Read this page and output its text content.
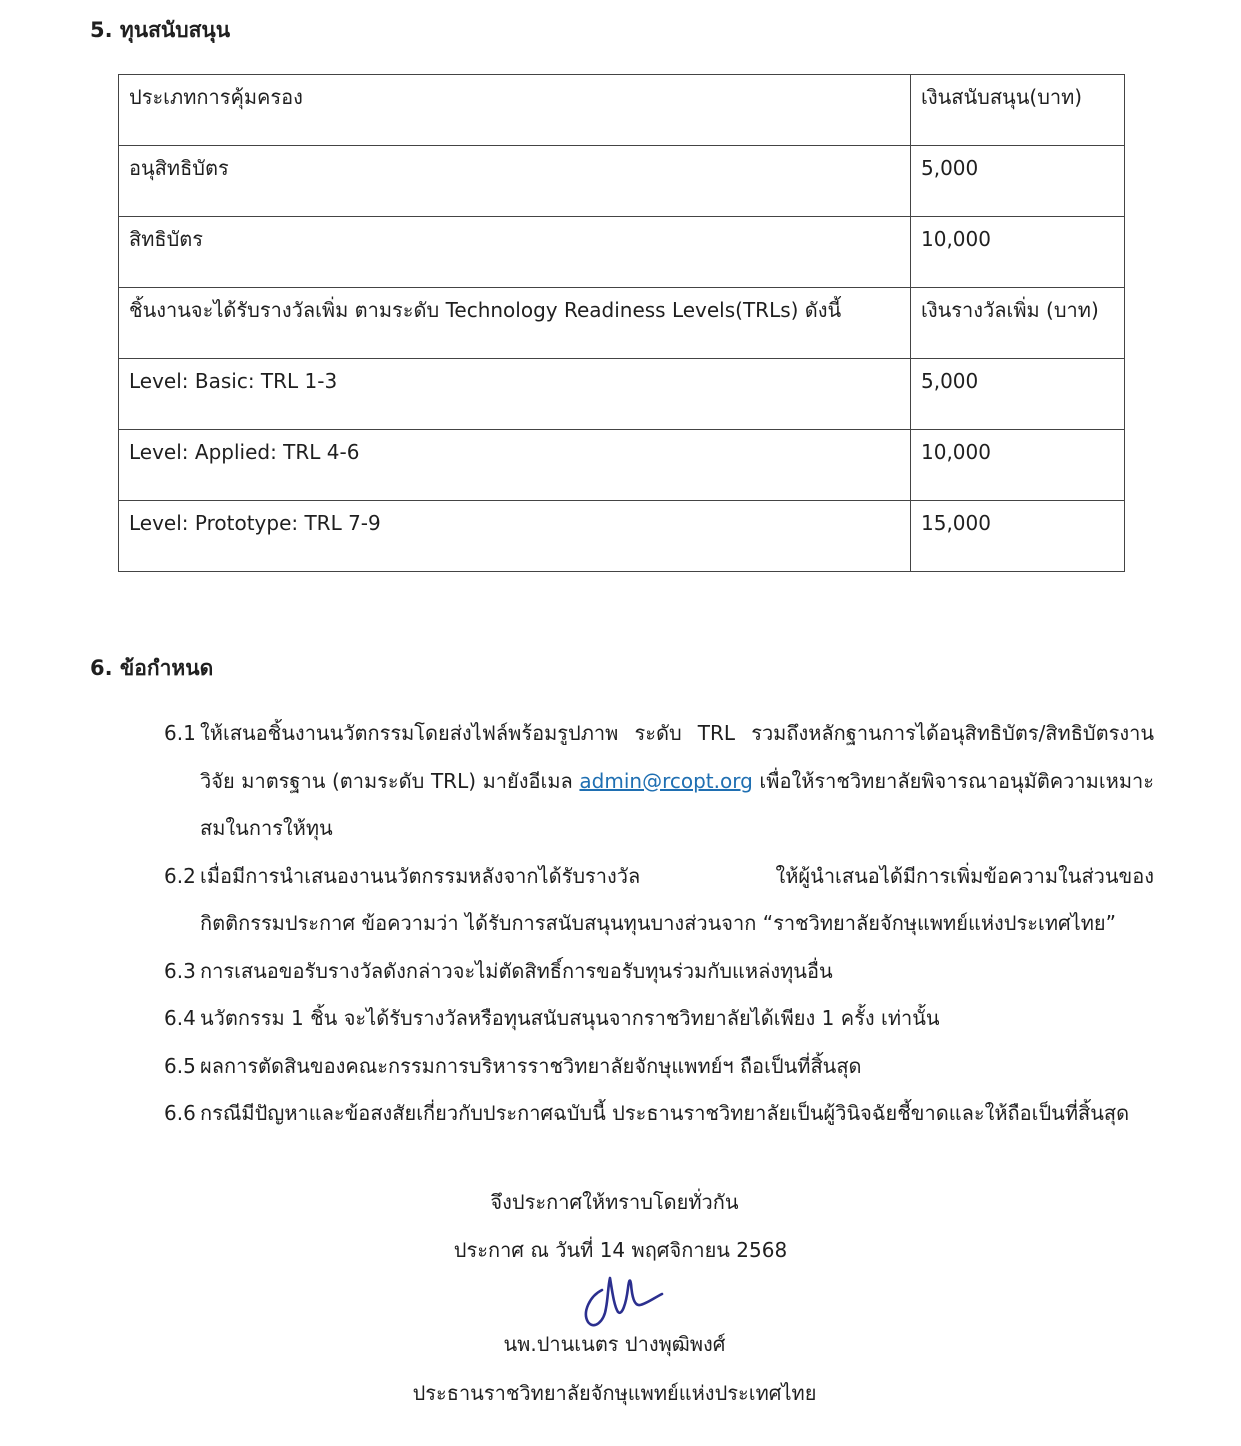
5. ทุนสนับสนุน
ประเภทการคุ้มครอง	เงินสนับสนุน(บาท)
อนุสิทธิบัตร	5,000
สิทธิบัตร	10,000
ชิ้นงานจะได้รับรางวัลเพิ่ม ตามระดับ Technology Readiness Levels(TRLs) ดังนี้	เงินรางวัลเพิ่ม (บาท)
Level: Basic: TRL 1-3	5,000
Level: Applied: TRL 4-6	10,000
Level: Prototype: TRL 7-9	15,000
6. ข้อกำหนด
6.1 ให้เสนอชิ้นงานนวัตกรรมโดยส่งไฟล์พร้อมรูปภาพ ระดับ TRL รวมถึงหลักฐานการได้อนุสิทธิบัตร/สิทธิบัตรงานวิจัย มาตรฐาน (ตามระดับ TRL) มายังอีเมล admin@rcopt.org เพื่อให้ราชวิทยาลัยพิจารณาอนุมัติความเหมาะสมในการให้ทุน
6.2 เมื่อมีการนำเสนองานนวัตกรรมหลังจากได้รับรางวัล ให้ผู้นำเสนอได้มีการเพิ่มข้อความในส่วนของกิตติกรรมประกาศ ข้อความว่า ได้รับการสนับสนุนทุนบางส่วนจาก “ราชวิทยาลัยจักษุแพทย์แห่งประเทศไทย”
6.3 การเสนอขอรับรางวัลดังกล่าวจะไม่ตัดสิทธิ์การขอรับทุนร่วมกับแหล่งทุนอื่น
6.4 นวัตกรรม 1 ชิ้น จะได้รับรางวัลหรือทุนสนับสนุนจากราชวิทยาลัยได้เพียง 1 ครั้ง เท่านั้น
6.5 ผลการตัดสินของคณะกรรมการบริหารราชวิทยาลัยจักษุแพทย์ฯ ถือเป็นที่สิ้นสุด
6.6 กรณีมีปัญหาและข้อสงสัยเกี่ยวกับประกาศฉบับนี้ ประธานราชวิทยาลัยเป็นผู้วินิจฉัยชี้ขาดและให้ถือเป็นที่สิ้นสุด

จึงประกาศให้ทราบโดยทั่วกัน

ประกาศ ณ วันที่ 14 พฤศจิกายน 2568

นพ.ปานเนตร ปางพุฒิพงศ์

ประธานราชวิทยาลัยจักษุแพทย์แห่งประเทศไทย
